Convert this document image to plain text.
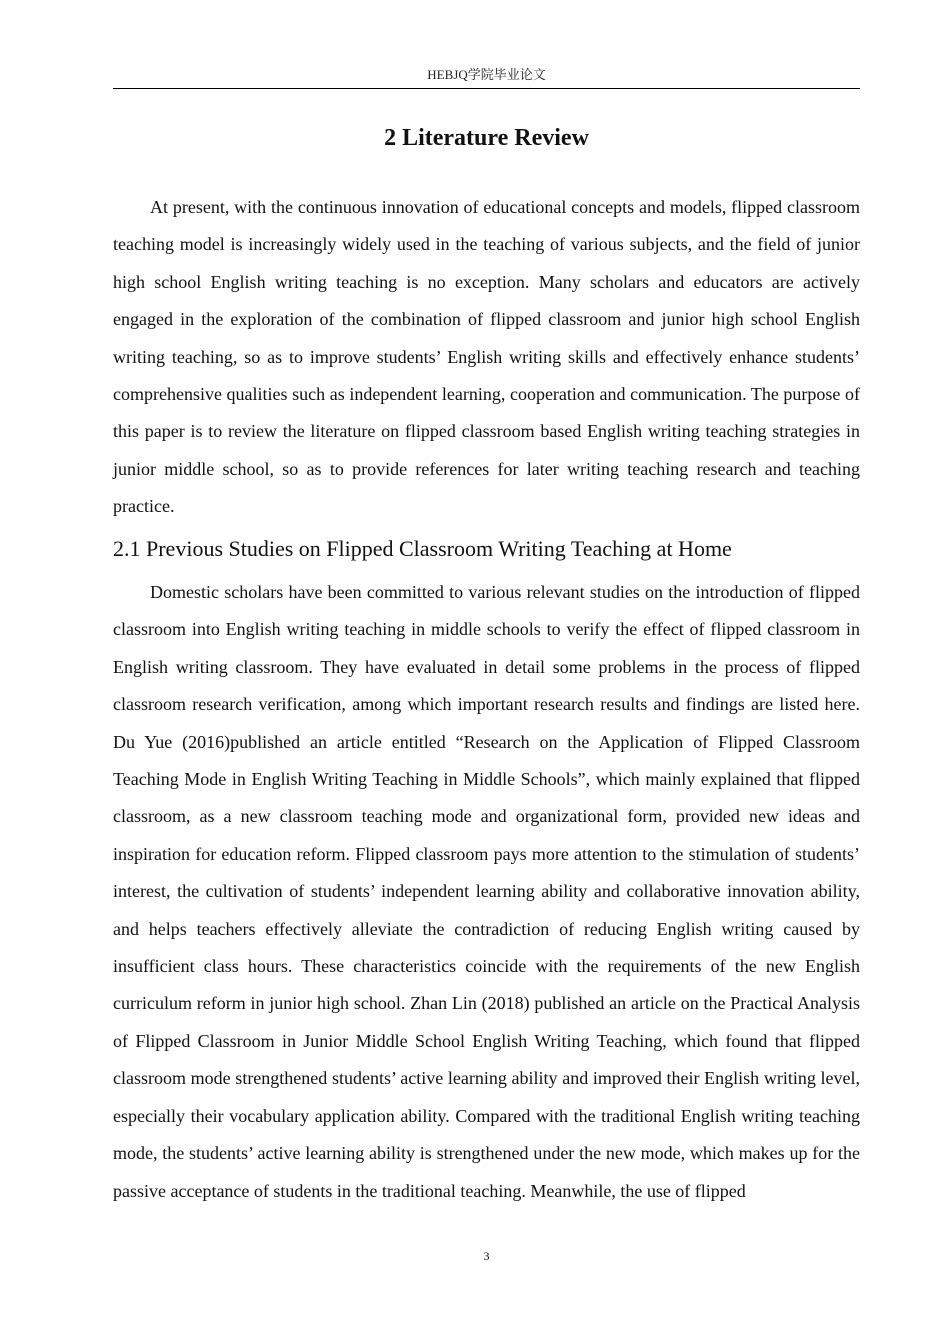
HEBJQ学院毕业论文
2 Literature Review

At present, with the continuous innovation of educational concepts and models, flipped classroom teaching model is increasingly widely used in the teaching of various subjects, and the field of junior high school English writing teaching is no exception. Many scholars and educators are actively engaged in the exploration of the combination of flipped classroom and junior high school English writing teaching, so as to improve students’ English writing skills and effectively enhance students’ comprehensive qualities such as independent learning, cooperation and communication. The purpose of this paper is to review the literature on flipped classroom based English writing teaching strategies in junior middle school, so as to provide references for later writing teaching research and teaching practice.

2.1 Previous Studies on Flipped Classroom Writing Teaching at Home

Domestic scholars have been committed to various relevant studies on the introduction of flipped classroom into English writing teaching in middle schools to verify the effect of flipped classroom in English writing classroom. They have evaluated in detail some problems in the process of flipped classroom research verification, among which important research results and findings are listed here. Du Yue (2016)published an article entitled “Research on the Application of Flipped Classroom Teaching Mode in English Writing Teaching in Middle Schools”, which mainly explained that flipped classroom, as a new classroom teaching mode and organizational form, provided new ideas and inspiration for education reform. Flipped classroom pays more attention to the stimulation of students’ interest, the cultivation of students’ independent learning ability and collaborative innovation ability, and helps teachers effectively alleviate the contradiction of reducing English writing caused by insufficient class hours. These characteristics coincide with the requirements of the new English curriculum reform in junior high school. Zhan Lin (2018) published an article on the Practical Analysis of Flipped Classroom in Junior Middle School English Writing Teaching, which found that flipped classroom mode strengthened students’ active learning ability and improved their English writing level, especially their vocabulary application ability. Compared with the traditional English writing teaching mode, the students’ active learning ability is strengthened under the new mode, which makes up for the passive acceptance of students in the traditional teaching. Meanwhile, the use of flipped

3
